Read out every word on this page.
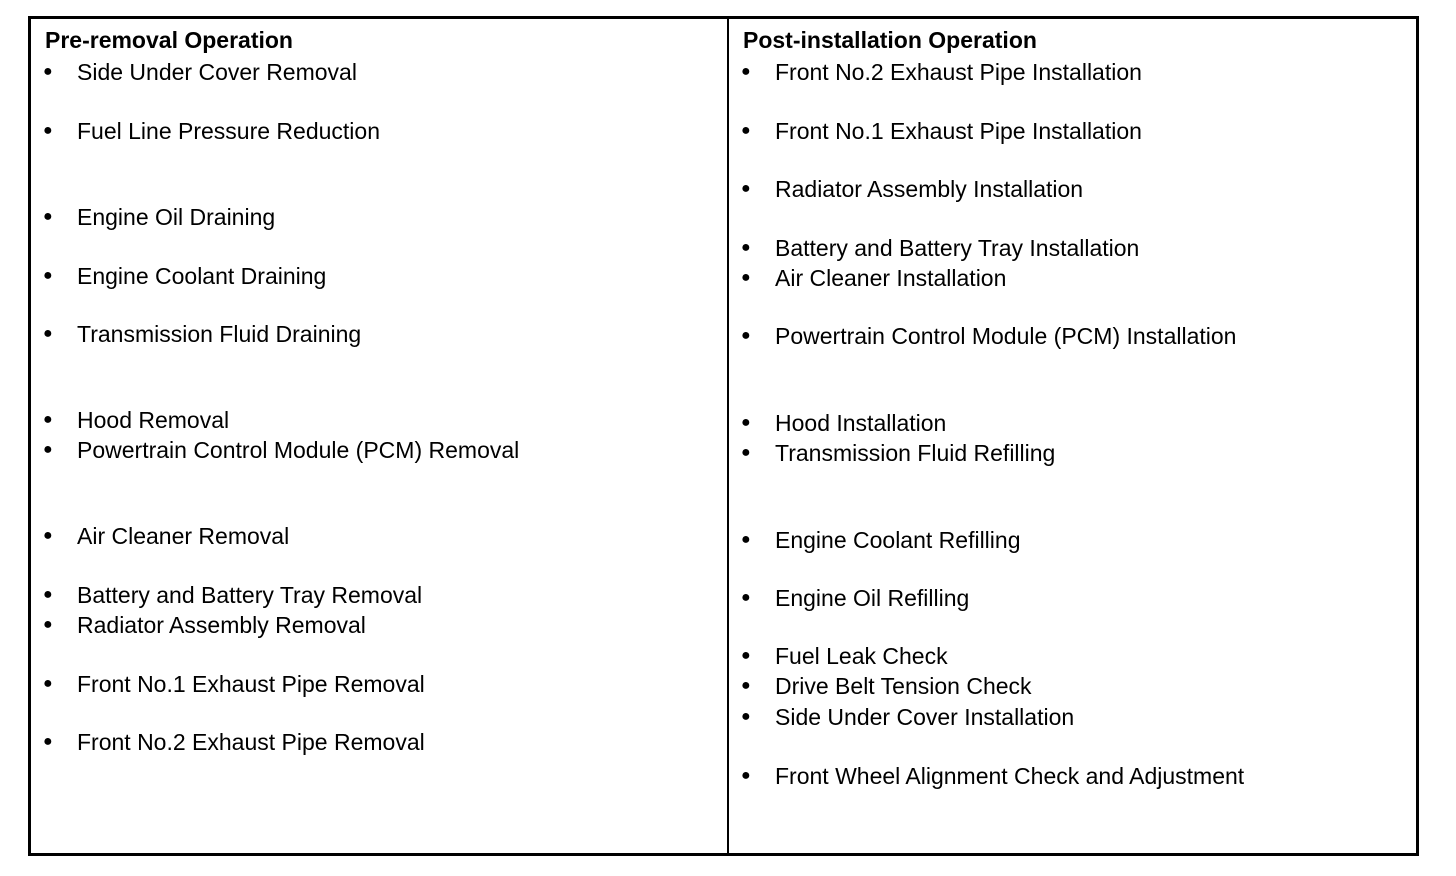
Pre-removal Operation
● Side Under Cover Removal
● Fuel Line Pressure Reduction
● Engine Oil Draining
● Engine Coolant Draining
● Transmission Fluid Draining
● Hood Removal
● Powertrain Control Module (PCM) Removal
● Air Cleaner Removal
● Battery and Battery Tray Removal
● Radiator Assembly Removal
● Front No.1 Exhaust Pipe Removal
● Front No.2 Exhaust Pipe Removal
Post-installation Operation
● Front No.2 Exhaust Pipe Installation
● Front No.1 Exhaust Pipe Installation
● Radiator Assembly Installation
● Battery and Battery Tray Installation
● Air Cleaner Installation
● Powertrain Control Module (PCM) Installation
● Hood Installation
● Transmission Fluid Refilling
● Engine Coolant Refilling
● Engine Oil Refilling
● Fuel Leak Check
● Drive Belt Tension Check
● Side Under Cover Installation
● Front Wheel Alignment Check and Adjustment
